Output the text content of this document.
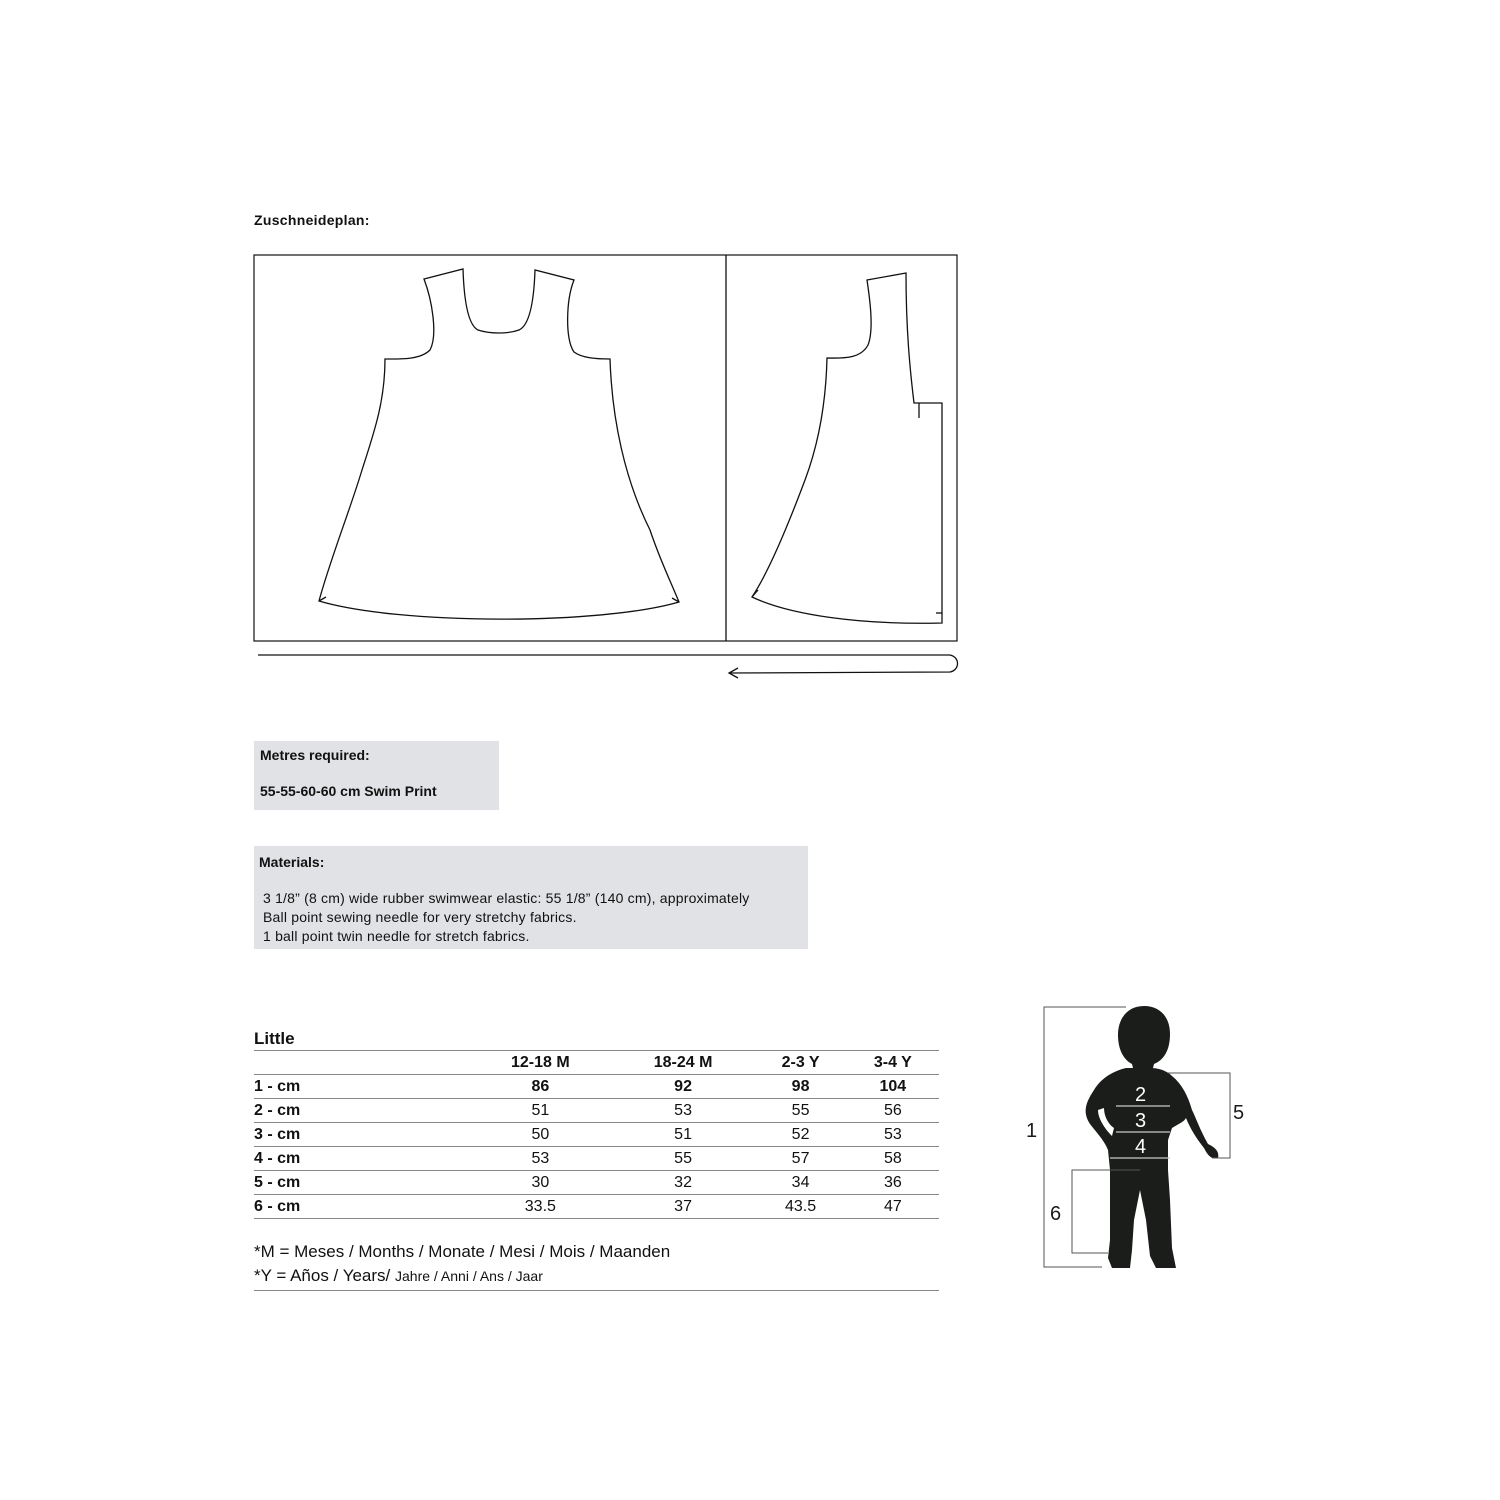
Zuschneideplan:
Metres required:
55-55-60-60 cm Swim Print
Materials:
3 1/8” (8 cm) wide rubber swimwear elastic: 55 1/8” (140 cm), approximately
Ball point sewing needle for very stretchy fabrics.
1 ball point twin needle for stretch fabrics.
Little				
	12-18 M	18-24 M	2-3 Y	3-4 Y
1 - cm	86	92	98	104
2 - cm	51	53	55	56
3 - cm	50	51	52	53
4 - cm	53	55	57	58
5 - cm	30	32	34	36
6 - cm	33.5	37	43.5	47
*M = Meses / Months / Monate / Mesi / Mois / Maanden
*Y = Años / Years/ Jahre / Anni / Ans / Jaar
1
5
6
2
3
4
